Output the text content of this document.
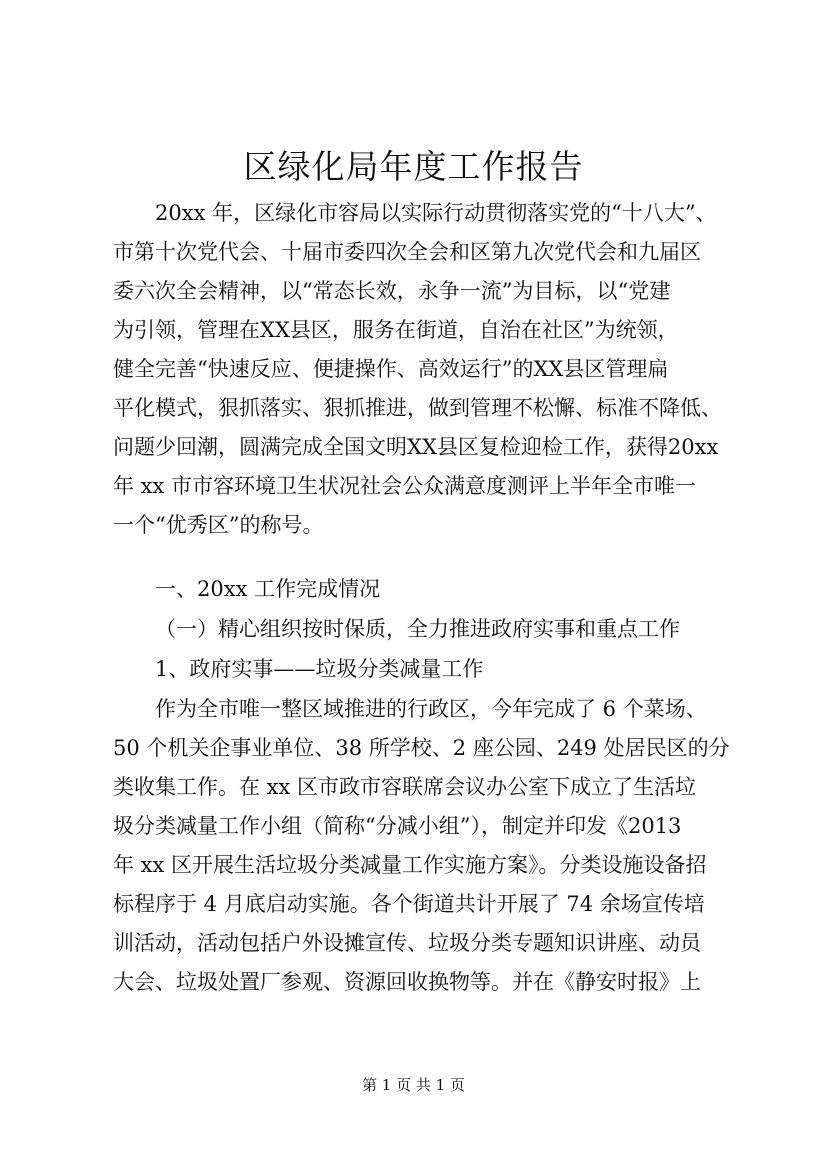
区绿化局年度工作报告

20xx 年，区绿化市容局以实际行动贯彻落实党的“十八大”、

市第十次党代会、十届市委四次全会和区第九次党代会和九届区

委六次全会精神，以“常态长效，永争一流”为目标，以“党建

为引领，管理在XX县区，服务在街道，自治在社区”为统领，

健全完善“快速反应、便捷操作、高效运行”的XX县区管理扁

平化模式，狠抓落实、狠抓推进，做到管理不松懈、标准不降低、

问题少回潮，圆满完成全国文明XX县区复检迎检工作，获得20xx

年 xx 市市容环境卫生状况社会公众满意度测评上半年全市唯一

一个“优秀区”的称号。

一、20xx 工作完成情况

（一）精心组织按时保质，全力推进政府实事和重点工作

1、政府实事——垃圾分类减量工作

作为全市唯一整区域推进的行政区，今年完成了 6 个菜场、

50 个机关企事业单位、38 所学校、2 座公园、249 处居民区的分

类收集工作。在 xx 区市政市容联席会议办公室下成立了生活垃

圾分类减量工作小组（简称“分减小组”），制定并印发《2013

年 xx 区开展生活垃圾分类减量工作实施方案》。分类设施设备招

标程序于 4 月底启动实施。各个街道共计开展了 74 余场宣传培

训活动，活动包括户外设摊宣传、垃圾分类专题知识讲座、动员

大会、垃圾处置厂参观、资源回收换物等。并在《静安时报》上

第 1 页 共 1 页
